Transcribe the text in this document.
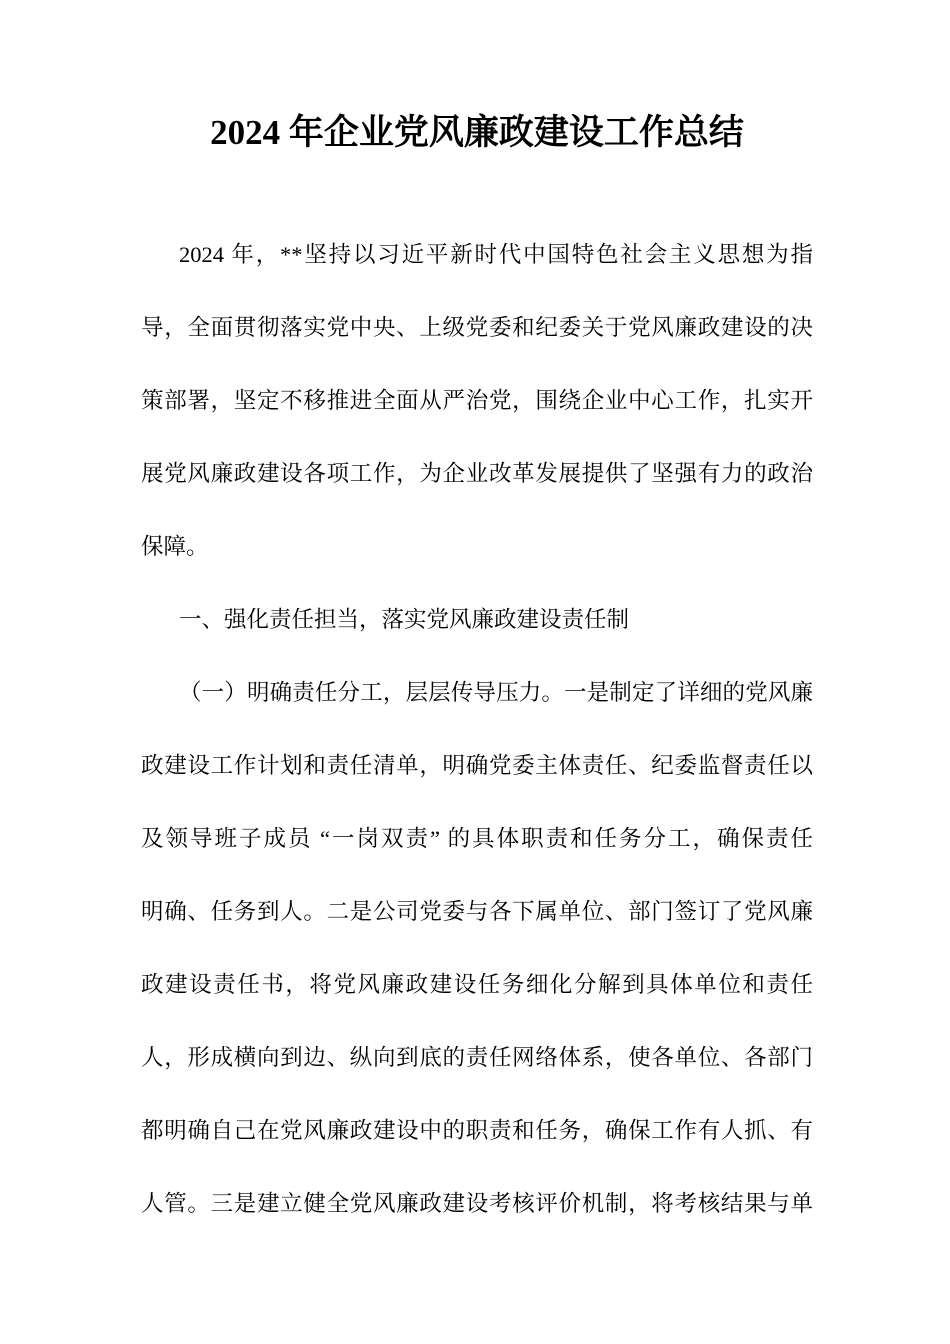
2024 年企业党风廉政建设工作总结
2024 年，**坚持以习近平新时代中国特色社会主义思想为指
导，全面贯彻落实党中央、上级党委和纪委关于党风廉政建设的决
策部署，坚定不移推进全面从严治党，围绕企业中心工作，扎实开
展党风廉政建设各项工作，为企业改革发展提供了坚强有力的政治
保障。
一、强化责任担当，落实党风廉政建设责任制
（一）明确责任分工，层层传导压力。一是制定了详细的党风廉
政建设工作计划和责任清单，明确党委主体责任、纪委监督责任以
及领导班子成员 “一岗双责” 的具体职责和任务分工，确保责任
明确、任务到人。二是公司党委与各下属单位、部门签订了党风廉
政建设责任书，将党风廉政建设任务细化分解到具体单位和责任
人，形成横向到边、纵向到底的责任网络体系，使各单位、各部门
都明确自己在党风廉政建设中的职责和任务，确保工作有人抓、有
人管。三是建立健全党风廉政建设考核评价机制，将考核结果与单
